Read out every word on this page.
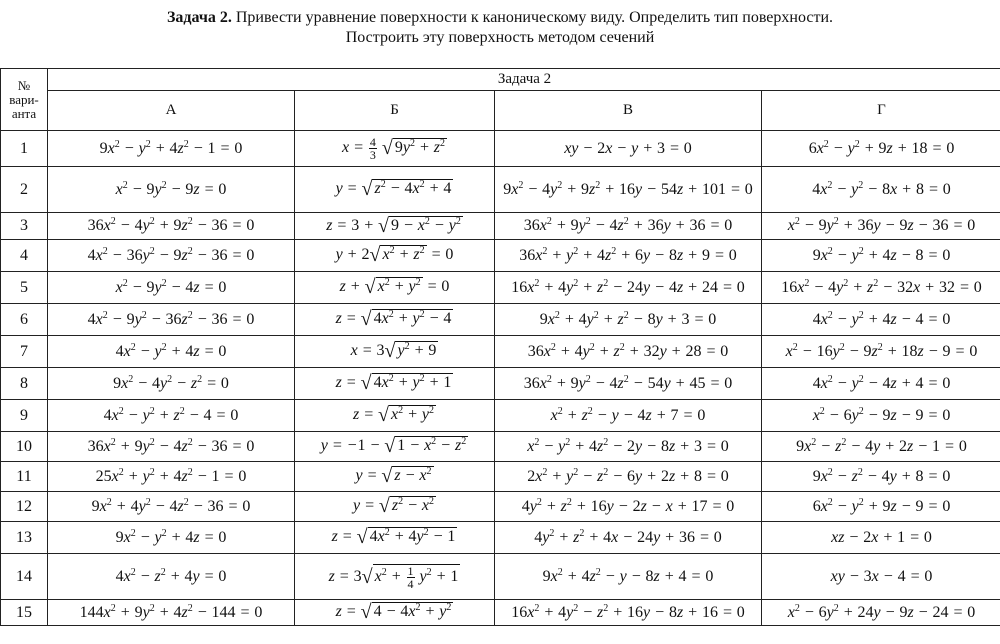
Задача 2. Привести уравнение поверхности к каноническому виду. Определить тип поверхности.
Построить эту поверхность методом сечений
№
вари-
анта	Задача 2			
	А	Б	В	Г
1	$9x^2 - y^2 + 4z^2 - 1 = 0$	$x = \frac{4}{3}$ √ $9y^2 + z^2$	xy − 2x − y + 3 = 0	$6x^2 - y^2 + 9z + 18 = 0$
2	$x^2 - 9y^2 - 9z = 0$	y = √ $z^2 - 4x^2 + 4$	$9x^2 - 4y^2 + 9z^2 + 16y - 54z + 101 = 0$	$4x^2 - y^2 - 8x + 8 = 0$
3	$36x^2 - 4y^2 + 9z^2 - 36 = 0$	z = 3 + √ $9 - x^2 - y^2$	$36x^2 + 9y^2 - 4z^2 + 36y + 36 = 0$	$x^2 - 9y^2 + 36y - 9z - 36 = 0$
4	$4x^2 - 36y^2 - 9z^2 - 36 = 0$	y + 2√ $x^2 + z^2 = 0$	$36x^2 + y^2 + 4z^2 + 6y - 8z + 9 = 0$	$9x^2 - y^2 + 4z - 8 = 0$
5	$x^2 - 9y^2 - 4z = 0$	z + √ $x^2 + y^2 = 0$	$16x^2 + 4y^2 + z^2 - 24y - 4z + 24 = 0$	$16x^2 - 4y^2 + z^2 - 32x + 32 = 0$
6	$4x^2 - 9y^2 - 36z^2 - 36 = 0$	z = √ $4x^2 + y^2 - 4$	$9x^2 + 4y^2 + z^2 - 8y + 3 = 0$	$4x^2 - y^2 + 4z - 4 = 0$
7	$4x^2 - y^2 + 4z = 0$	x = 3√ $y^2 + 9$	$36x^2 + 4y^2 + z^2 + 32y + 28 = 0$	$x^2 - 16y^2 - 9z^2 + 18z - 9 = 0$
8	$9x^2 - 4y^2 - z^2 = 0$	z = √ $4x^2 + y^2 + 1$	$36x^2 + 9y^2 - 4z^2 - 54y + 45 = 0$	$4x^2 - y^2 - 4z + 4 = 0$
9	$4x^2 - y^2 + z^2 - 4 = 0$	z = √ $x^2 + y^2$	$x^2 + z^2 - y - 4z + 7 = 0$	$x^2 - 6y^2 - 9z - 9 = 0$
10	$36x^2 + 9y^2 - 4z^2 - 36 = 0$	y = −1 − √ $1 - x^2 - z^2$	$x^2 - y^2 + 4z^2 - 2y - 8z + 3 = 0$	$9x^2 - z^2 - 4y + 2z - 1 = 0$
11	$25x^2 + y^2 + 4z^2 - 1 = 0$	y = √ $z - x^2$	$2x^2 + y^2 - z^2 - 6y + 2z + 8 = 0$	$9x^2 - z^2 - 4y + 8 = 0$
12	$9x^2 + 4y^2 - 4z^2 - 36 = 0$	y = √ $z^2 - x^2$	$4y^2 + z^2 + 16y - 2z - x + 17 = 0$	$6x^2 - y^2 + 9z - 9 = 0$
13	$9x^2 - y^2 + 4z = 0$	z = √ $4x^2 + 4y^2 - 1$	$4y^2 + z^2 + 4x - 24y + 36 = 0$	xz − 2x + 1 = 0
14	$4x^2 - z^2 + 4y = 0$	z = 3√ $x^2 + \frac{1}{4} y^2 + 1$	$9x^2 + 4z^2 - y - 8z + 4 = 0$	xy − 3x − 4 = 0
15	$144x^2 + 9y^2 + 4z^2 - 144 = 0$	z = √ $4 - 4x^2 + y^2$	$16x^2 + 4y^2 - z^2 + 16y - 8z + 16 = 0$	$x^2 - 6y^2 + 24y - 9z - 24 = 0$
